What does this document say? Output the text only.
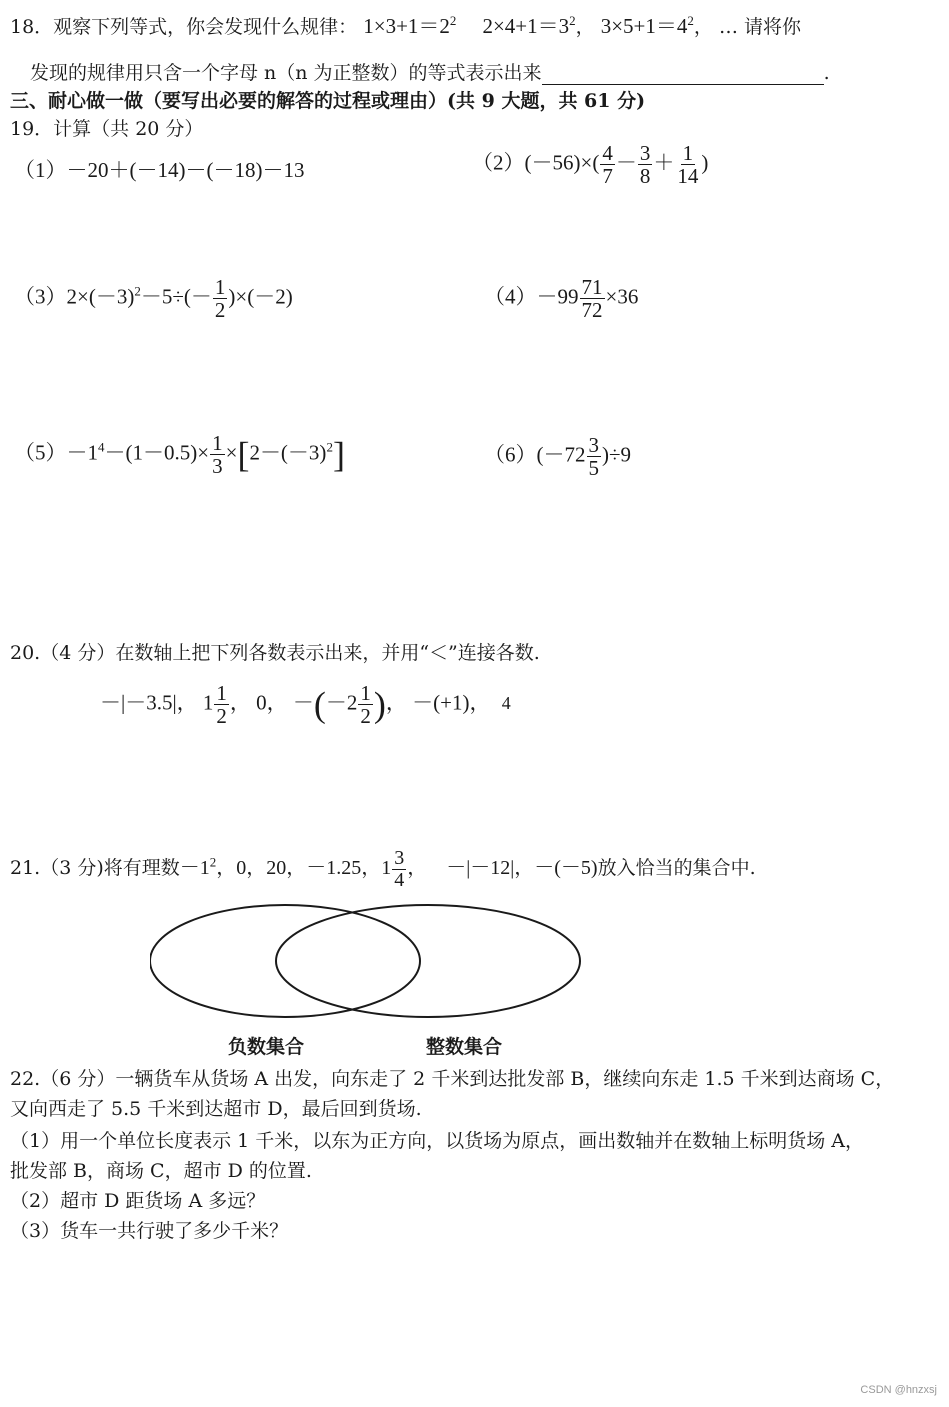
18．观察下列等式，你会发现什么规律： $1\times 3+1=2^2$ $2\times 4+1=3^2$， $3\times 5+1=4^2$， … 请将你
发现的规律用只含一个字母 n（n 为正整数）的等式表示出来	.
三、耐心做一做（要写出必要的解答的过程或理由）(共 9 大题，共 61 分)
19．计算（共 20 分）
（1）－20＋(－14)－(－18)－13	$(2)(-56)\times( \frac{4}{7} - \frac{3}{8} + \frac{1}{14}$ )
$(3)2\times(-3)^2-5\div(- \frac{1}{2} )\times(-2)$	$(4)-99 \frac{71}{72} \times 36$
$(5)-1^4-(1-0.5)\times \frac{1}{3} \times[2-(-3)^2]$	$(6)(-72 \frac{3}{5} )\div 9$
20.（4 分）在数轴上把下列各数表示出来，并用“＜”连接各数.
－|－3.5|， $1 \frac{1}{2}$ ， 0， $-(-2 \frac{1}{2}$ )， －(+1)， 4
21.（3 分)将有理数$-1^2$，0，20，－1.25，$1 \frac{3}{4}$ ， －|－12|，－(－5)放入恰当的集合中.
负数集合	整数集合
22.（6 分）一辆货车从货场 A 出发，向东走了 2 千米到达批发部 B，继续向东走 1.5 千米到达商场 C，
又向西走了 5.5 千米到达超市 D，最后回到货场.
（1）用一个单位长度表示 1 千米，以东为正方向，以货场为原点，画出数轴并在数轴上标明货场 A，
批发部 B，商场 C，超市 D 的位置.
（2）超市 D 距货场 A 多远？
（3）货车一共行驶了多少千米？
CSDN @hnzxsj
